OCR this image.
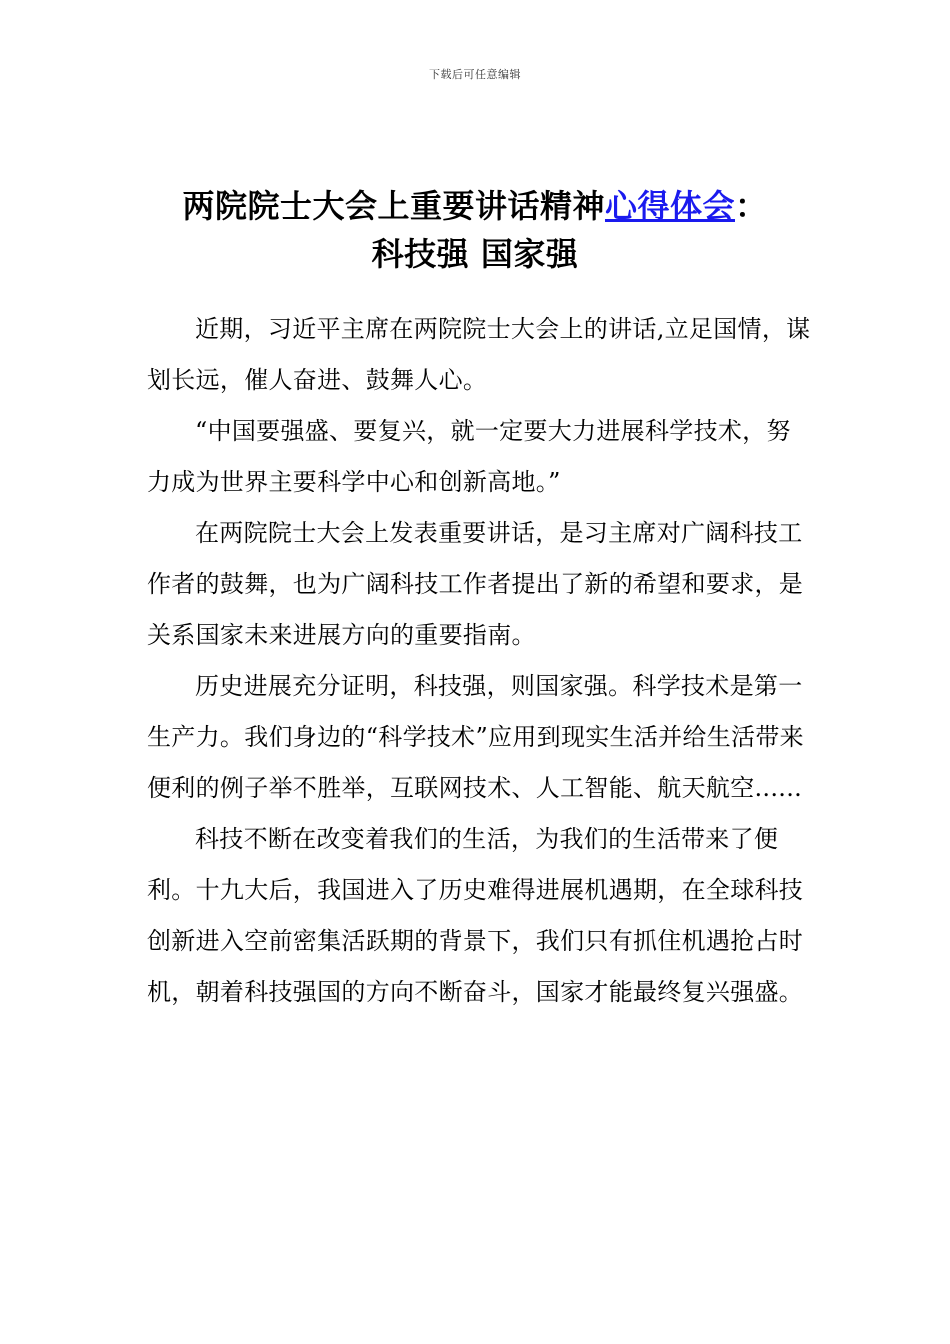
下载后可任意编辑
两院院士大会上重要讲话精神心得体会：
科技强 国家强

近期，习近平主席在两院院士大会上的讲话,立足国情，谋划长远，催人奋进、鼓舞人心。

“中国要强盛、要复兴，就一定要大力进展科学技术，努力成为世界主要科学中心和创新高地。”

在两院院士大会上发表重要讲话，是习主席对广阔科技工作者的鼓舞，也为广阔科技工作者提出了新的希望和要求，是关系国家未来进展方向的重要指南。

历史进展充分证明，科技强，则国家强。科学技术是第一生产力。我们身边的“科学技术”应用到现实生活并给生活带来便利的例子举不胜举，互联网技术、人工智能、航天航空......

科技不断在改变着我们的生活，为我们的生活带来了便利。十九大后，我国进入了历史难得进展机遇期，在全球科技创新进入空前密集活跃期的背景下，我们只有抓住机遇抢占时机，朝着科技强国的方向不断奋斗，国家才能最终复兴强盛。
